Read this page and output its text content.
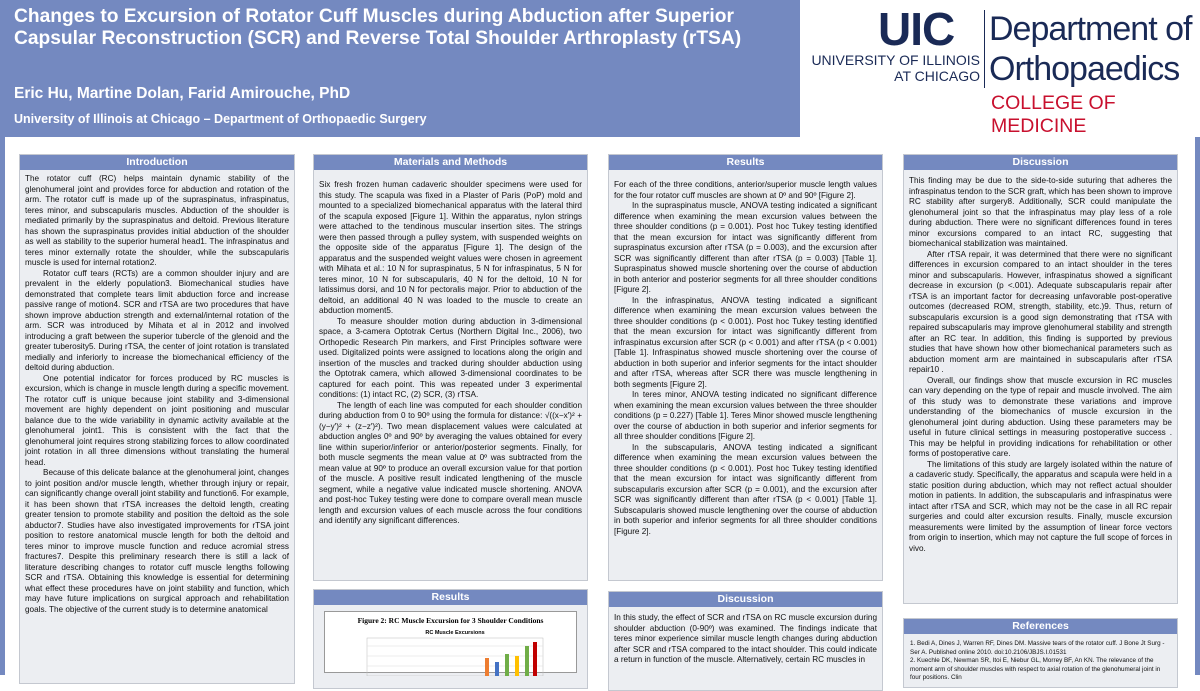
Changes to Excursion of Rotator Cuff Muscles during Abduction after Superior Capsular Reconstruction (SCR) and Reverse Total Shoulder Arthroplasty (rTSA)

Eric Hu, Martine Dolan, Farid Amirouche, PhD

University of Illinois at Chicago – Department of Orthopaedic Surgery

UIC
UNIVERSITY OF ILLINOIS
AT CHICAGO
Department of
Orthopaedics
COLLEGE OF MEDICINE
Introduction

The rotator cuff (RC) helps maintain dynamic stability of the glenohumeral joint and provides force for abduction and rotation of the arm. The rotator cuff is made up of the supraspinatus, infraspinatus, teres minor, and subscapularis muscles. Abduction of the shoulder is mediated primarily by the supraspinatus and deltoid. Previous literature has shown the supraspinatus provides initial abduction of the shoulder as well as stability to the superior humeral head1. The infraspinatus and teres minor externally rotate the shoulder, while the subscapularis muscle is used for internal rotation2.

Rotator cuff tears (RCTs) are a common shoulder injury and are prevalent in the elderly population3. Biomechanical studies have demonstrated that complete tears limit abduction force and increase passive range of motion4. SCR and rTSA are two procedures that have shown improve abduction strength and external/internal rotation of the arm. SCR was introduced by Mihata et al in 2012 and involved introducing a graft between the superior tubercle of the glenoid and the greater tuberosity5. During rTSA, the center of joint rotation is translated medially and inferiorly to increase the biomechanical efficiency of the deltoid during abduction.

One potential indicator for forces produced by RC muscles is excursion, which is change in muscle length during a specific movement. The rotator cuff is unique because joint stability and 3-dimensional movement are highly dependent on joint positioning and muscular balance due to the wide variability in dynamic activity available at the glenohumeral joint1. This is consistent with the fact that the glenohumeral joint requires strong stabilizing forces to allow coordinated joint rotation in all three dimensions without translating the humeral head.

Because of this delicate balance at the glenohumeral joint, changes to joint position and/or muscle length, whether through injury or repair, can significantly change overall joint stability and function6. For example, it has been shown that rTSA increases the deltoid length, creating greater tension to promote stability and position the deltoid as the sole abductor7. Studies have also investigated improvements for rTSA joint position to restore anatomical muscle length for both the deltoid and teres minor to improve muscle function and reduce acromial stress fractures7. Despite this preliminary research there is still a lack of literature describing changes to rotator cuff muscle lengths following SCR and rTSA. Obtaining this knowledge is essential for determining what effect these procedures have on joint stability and function, which may have future implications on surgical approach and rehabilitation goals. The objective of the current study is to determine anatomical

Materials and Methods

Six fresh frozen human cadaveric shoulder specimens were used for this study. The scapula was fixed in a Plaster of Paris (PoP) mold and mounted to a specialized biomechanical apparatus with the lateral third of the scapula exposed [Figure 1]. Within the apparatus, nylon strings were attached to the tendinous muscular insertion sites. The strings were then passed through a pulley system, with suspended weights on the opposite side of the apparatus [Figure 1]. The design of the apparatus and the suspended weight values were chosen in agreement with Mihata et al.: 10 N for supraspinatus, 5 N for infraspinatus, 5 N for teres minor, 10 N for subscapularis, 40 N for the deltoid, 10 N for latissimus dorsi, and 10 N for pectoralis major. Prior to abduction of the deltoid, an additional 40 N was loaded to the muscle to create an abduction moment5.

To measure shoulder motion during abduction in 3-dimensional space, a 3-camera Optotrak Certus (Northern Digital Inc., 2006), two Orthopedic Research Pin markers, and First Principles software were used. Digitalized points were assigned to locations along the origin and insertion of the muscles and tracked during shoulder abduction using the Optotrak camera, which allowed 3-dimensional coordinates to be captured for each point. This was repeated under 3 experimental conditions: (1) intact RC, (2) SCR, (3) rTSA.

The length of each line was computed for each shoulder condition during abduction from 0 to 90º using the formula for distance: √((x−x′)² + (y−y′)² + (z−z′)²). Two mean displacement values were calculated at abduction angles 0º and 90º by averaging the values obtained for every line within superior/inferior or anterior/posterior segments. Finally, for both muscle segments the mean value at 0º was subtracted from the mean value at 90º to produce an overall excursion value for that portion of the muscle. A positive result indicated lengthening of the muscle segment, while a negative value indicated muscle shortening. ANOVA and post-hoc Tukey testing were done to compare overall mean muscle length and excursion values of each muscle across the four conditions and identify any significant differences.

Results
Figure 2: RC Muscle Excursion for 3 Shoulder Conditions
RC Muscle Excursions
Results

For each of the three conditions, anterior/superior muscle length values for the four rotator cuff muscles are shown at 0º and 90º [Figure 2].

In the supraspinatus muscle, ANOVA testing indicated a significant difference when examining the mean excursion values between the three shoulder conditions (p = 0.001). Post hoc Tukey testing identified that the mean excursion for intact was significantly different from supraspinatus excursion after rTSA (p = 0.003), and the excursion after SCR was significantly different than after rTSA (p = 0.003) [Table 1]. Supraspinatus showed muscle shortening over the course of abduction in both anterior and posterior segments for all three shoulder conditions [Figure 2].

In the infraspinatus, ANOVA testing indicated a significant difference when examining the mean excursion values between the three shoulder conditions (p < 0.001). Post hoc Tukey testing identified that the mean excursion for intact was significantly different from infraspinatus excursion after SCR (p < 0.001) and after rTSA (p < 0.001) [Table 1]. Infraspinatus showed muscle shortening over the course of abduction in both superior and inferior segments for the intact shoulder and after rTSA, whereas after SCR there was muscle lengthening in both segments [Figure 2].

In teres minor, ANOVA testing indicated no significant difference when examining the mean excursion values between the three shoulder conditions (p = 0.227) [Table 1]. Teres Minor showed muscle lengthening over the course of abduction in both superior and inferior segments for all three shoulder conditions [Figure 2].

In the subscapularis, ANOVA testing indicated a significant difference when examining the mean excursion values between the three shoulder conditions (p < 0.001). Post hoc Tukey testing identified that the mean excursion for intact was significantly different from subscapularis excursion after SCR (p = 0.001), and the excursion after SCR was significantly different than after rTSA (p < 0.001) [Table 1]. Subscapularis showed muscle lengthening over the course of abduction in both superior and inferior segments for all three shoulder conditions [Figure 2].

Discussion

In this study, the effect of SCR and rTSA on RC muscle excursion during shoulder abduction (0-90º) was examined. The findings indicate that teres minor experience similar muscle length changes during abduction after SCR and rTSA compared to the intact shoulder. This could indicate a return in function of the muscle. Alternatively, certain RC muscles in

Discussion

This finding may be due to the side-to-side suturing that adheres the infraspinatus tendon to the SCR graft, which has been shown to improve RC stability after surgery8. Additionally, SCR could manipulate the glenohumeral joint so that the infraspinatus may play less of a role during abduction. There were no significant differences found in teres minor excursions compared to an intact RC, suggesting that biomechanical stabilization was maintained.

After rTSA repair, it was determined that there were no significant differences in excursion compared to an intact shoulder in the teres minor and subscapularis. However, infraspinatus showed a significant decrease in excursion (p <.001). Adequate subscapularis repair after rTSA is an important factor for decreasing unfavorable post-operative outcomes (decreased ROM, strength, stability, etc.)9. Thus, return of subscapularis excursion is a good sign demonstrating that rTSA with repaired subscapularis may improve glenohumeral stability and strength after an RC tear. In addition, this finding is supported by previous studies that have shown how other biomechanical parameters such as abduction moment arm are maintained in subscapularis after rTSA repair10 .

Overall, our findings show that muscle excursion in RC muscles can vary depending on the type of repair and muscle involved. The aim of this study was to demonstrate these variations and improve understanding of the biomechanics of muscle excursion in the glenohumeral joint during abduction. Using these parameters may be useful in future clinical settings in measuring postoperative success . This may be helpful in providing indications for rehabilitation or other forms of postoperative care.

The limitations of this study are largely isolated within the nature of a cadaveric study. Specifically, the apparatus and scapula were held in a static position during abduction, which may not reflect actual shoulder motion in patients. In addition, the subscapularis and infraspinatus were intact after rTSA and SCR, which may not be the case in all RC repair surgeries and could alter excursion results. Finally, muscle excursion measurements were limited by the assumption of linear force vectors from origin to insertion, which may not capture the full scope of forces in vivo.

References

1. Bedi A, Dines J, Warren RF, Dines DM. Massive tears of the rotator cuff. J Bone Jt Surg - Ser A. Published online 2010. doi:10.2106/JBJS.I.01531

2. Kuechle DK, Newman SR, Itoi E, Niebur GL, Morrey BF, An KN. The relevance of the moment arm of shoulder muscles with respect to axial rotation of the glenohumeral joint in four positions. Clin
